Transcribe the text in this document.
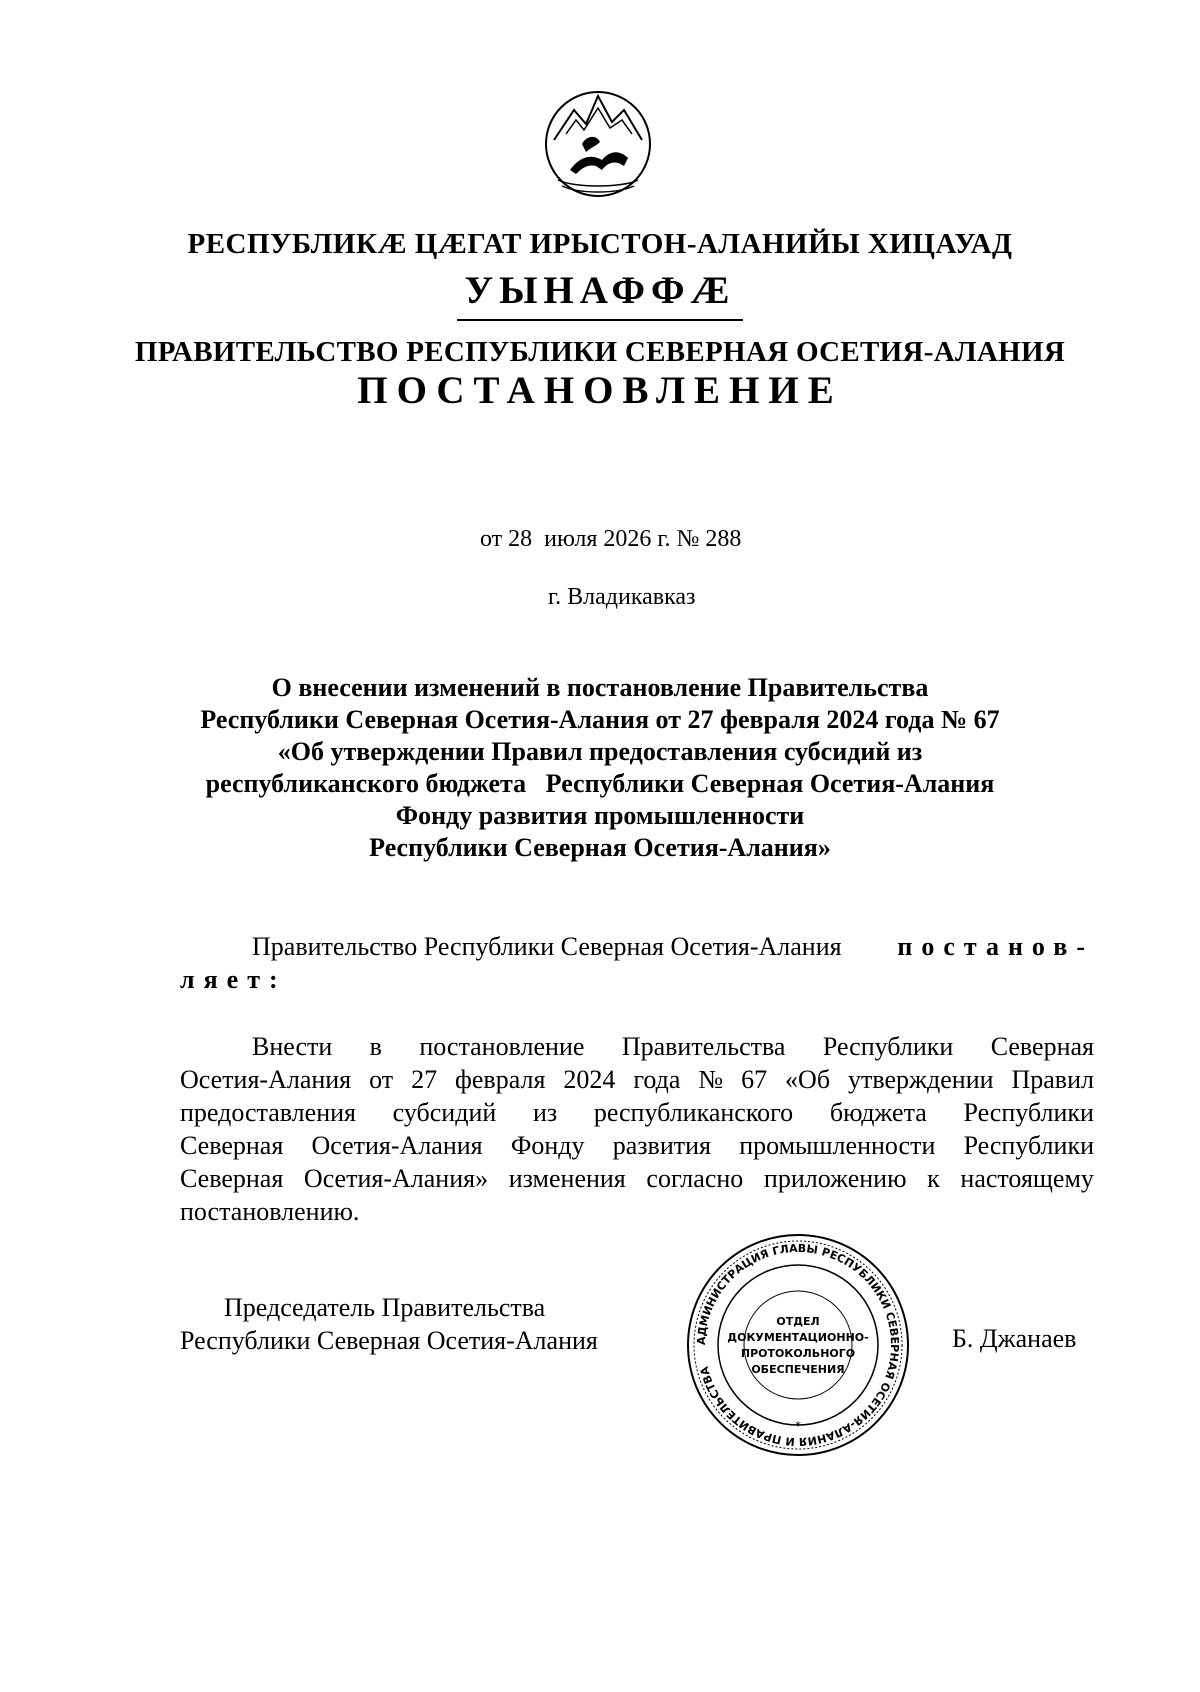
РЕСПУБЛИКӔ ЦӔГАТ ИРЫСТОН-АЛАНИЙЫ ХИЦАУАД
УЫНАФФӔ
ПРАВИТЕЛЬСТВО РЕСПУБЛИКИ СЕВЕРНАЯ ОСЕТИЯ-АЛАНИЯ
ПОСТАНОВЛЕНИЕ
от 28  июля 2026 г. № 288
г. Владикавказ
О внесении изменений в постановление Правительства
Республики Северная Осетия-Алания от 27 февраля 2024 года № 67
«Об утверждении Правил предоставления субсидий из
республиканского бюджета   Республики Северная Осетия-Алания
Фонду развития промышленности
Республики Северная Осетия-Алания»
Правительство Республики Северная Осетия-Алания постанов-
ляет:
Внести в постановление Правительства Республики Северная
Осетия-Алания от 27 февраля 2024 года № 67 «Об утверждении Правил
предоставления субсидий из республиканского бюджета Республики
Северная Осетия-Алания Фонду развития промышленности Республики
Северная Осетия-Алания» изменения согласно приложению к настоящему
постановлению.
Председатель Правительства
Республики Северная Осетия-Алания	Б. Джанаев
АДМИНИСТРАЦИЯ ГЛАВЫ РЕСПУБЛИКИ СЕВЕРНАЯ ОСЕТИЯ-АЛАНИЯ И ПРАВИТЕЛЬСТВА
ОТДЕЛ
ДОКУМЕНТАЦИОННО-
ПРОТОКОЛЬНОГО
ОБЕСПЕЧЕНИЯ
*
